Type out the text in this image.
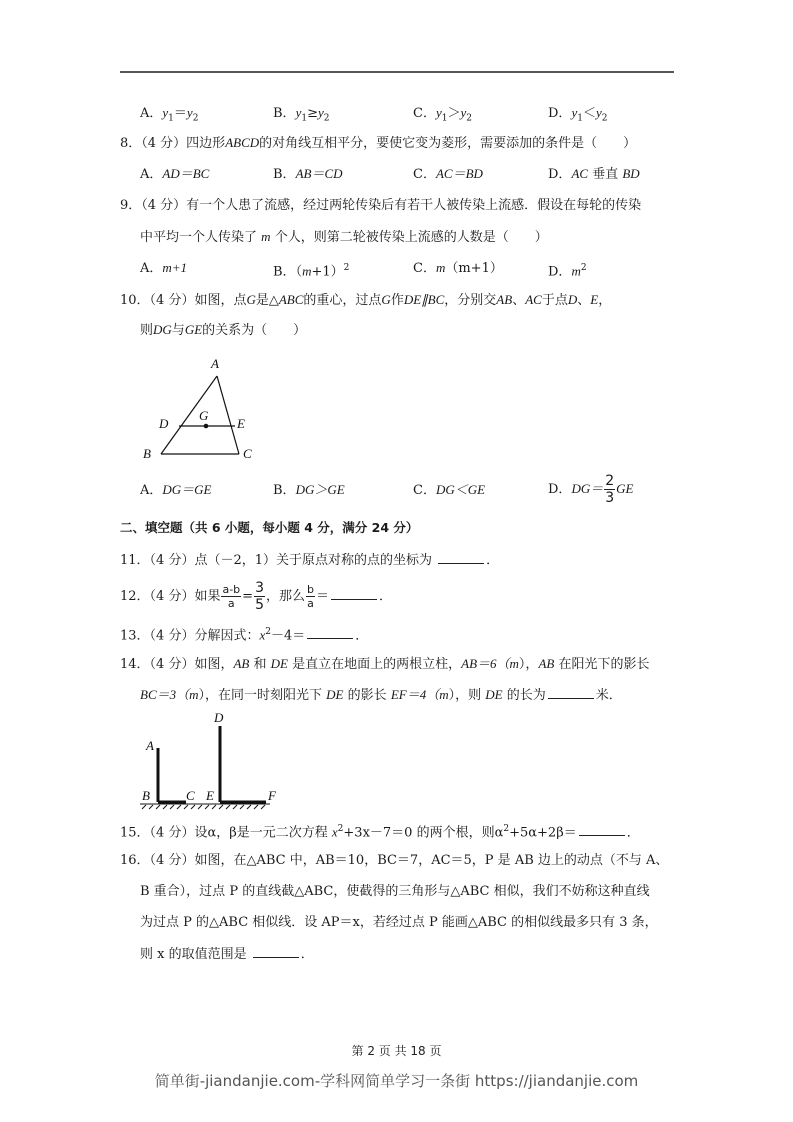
A．$y_1=y_2$	B．$y_1\ge y_2$	C．$y_1>y_2$	D．$y_1<y_2$
8．（4 分）四边形ABCD的对角线互相平分，要使它变为菱形，需要添加的条件是（　　）
A．AD＝BC	B．AB＝CD	C．AC＝BD	D．AC 垂直 BD
9．（4 分）有一个人患了流感，经过两轮传染后有若干人被传染上流感．假设在每轮的传染
中平均一个人传染了 m 个人，则第二轮被传染上流感的人数是（　　）
A．m+1	B．$(m+1)^2$	C．m（m+1）	D．$m^2$
10．（4 分）如图，点G是△ABC的重心，过点G作DE∥BC，分别交AB、AC于点D、E，
则DG与GE的关系为（　　）
A
D
G
E
B	C
A．DG＝GE	B．DG＞GE	C．DG＜GE	D．$DG= \frac{2}{3}$ GE
二、填空题（共 6 小题，每小题 4 分，满分 24 分）
11．（4 分）点（－2，1）关于原点对称的点的坐标为	．
12．（4 分）如果 $\frac{a-b}{a} = \frac{3}{5}$ ，那么 $\frac{b}{a}$ ＝	．
13．（4 分）分解因式：$x^2-4=$	．
14．（4 分）如图，AB 和 DE 是直立在地面上的两根立柱，AB＝6（m），AB 在阳光下的影长
BC＝3（m），在同一时刻阳光下 DE 的影长 EF＝4（m），则 DE 的长为	米．
A
B	C
D
E	F
15．（4 分）设α，β是一元二次方程 $x^2+3x-7=0$ 的两个根，则$\alpha^2+5\alpha+2\beta=$	．
16．（4 分）如图，在△ABC 中，AB＝10，BC＝7，AC＝5，P 是 AB 边上的动点（不与 A、
B 重合），过点 P 的直线截△ABC，使截得的三角形与△ABC 相似，我们不妨称这种直线
为过点 P 的△ABC 相似线．设 AP＝x，若经过点 P 能画△ABC 的相似线最多只有 3 条，
则 x 的取值范围是	．
第 2 页 共 18 页
简单街-jiandanjie.com-学科网简单学习一条街 https://jiandanjie.com
